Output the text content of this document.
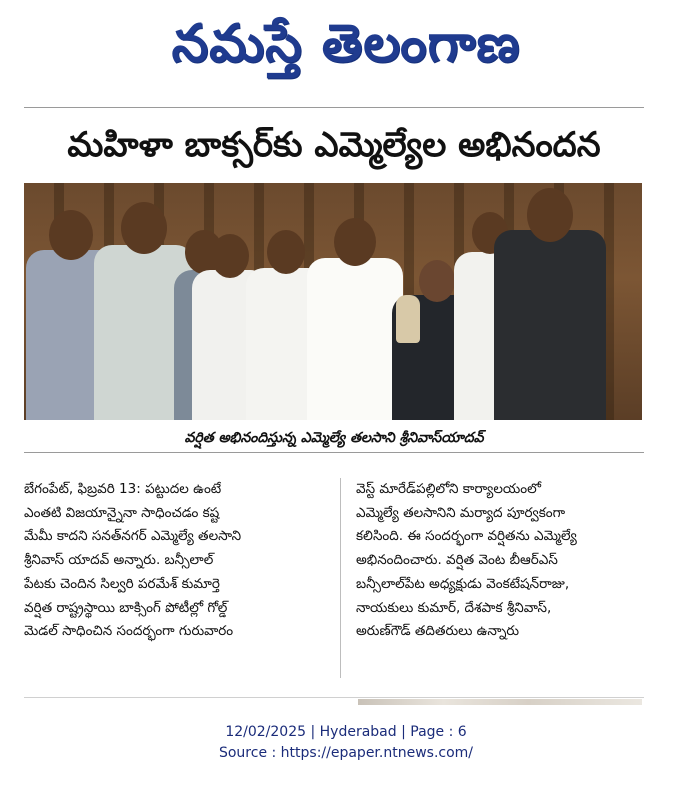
నమస్తే తెలంగాణ
మహిళా బాక్సర్‌కు ఎమ్మెల్యేల అభినందన
వర్షిత అభినందిస్తున్న ఎమ్మెల్యే తలసాని శ్రీనివాస్‌యాదవ్
బేగంపేట్, ఫిబ్రవరి 13: పట్టుదల ఉంటే
ఎంతటి విజయాన్నైనా సాధించడం కష్ట
మేమీ కాదని సనత్‌నగర్ ఎమ్మెల్యే తలసాని
శ్రీనివాస్ యాదవ్ అన్నారు. బన్సీలాల్
పేటకు చెందిన సిల్వరి పరమేశ్ కుమార్తె
వర్షిత రాష్ట్రస్థాయి బాక్సింగ్ పోటీల్లో గోల్డ్
మెడల్ సాధించిన సందర్భంగా గురువారం
వెస్ట్ మారేడ్‌పల్లిలోని కార్యాలయంలో
ఎమ్మెల్యే తలసానిని మర్యాద పూర్వకంగా
కలిసింది. ఈ సందర్భంగా వర్షితను ఎమ్మెల్యే
అభినందించారు. వర్షిత వెంట బీఆర్‌ఎస్
బన్సీలాల్‌పేట అధ్యక్షుడు వెంకటేషన్‌రాజు,
నాయకులు కుమార్, దేశపాక శ్రీనివాస్,
అరుణ్‌గౌడ్ తదితరులు ఉన్నారు
12/02/2025 | Hyderabad | Page : 6
Source : https://epaper.ntnews.com/
